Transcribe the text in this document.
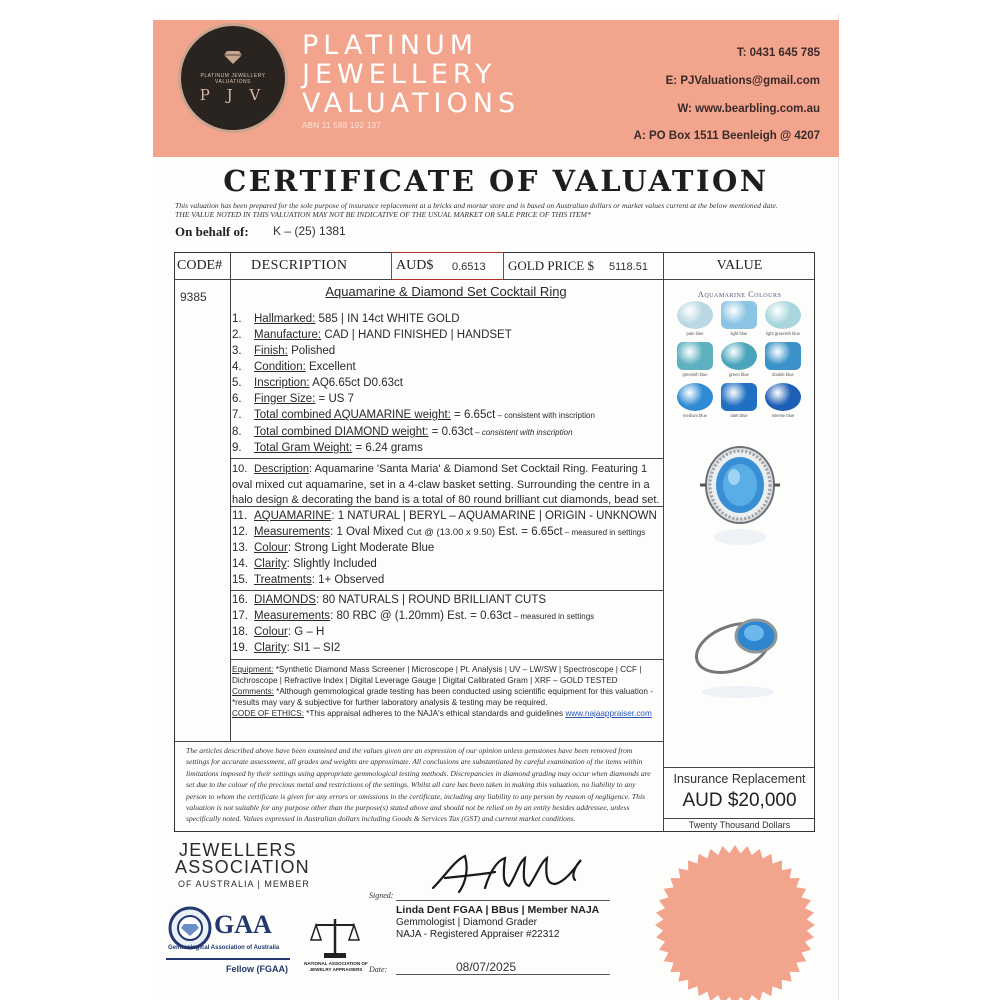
PLATINUM JEWELLERY VALUATIONS
P J V
PLATINUM
JEWELLERY
VALUATIONS
ABN 11 588 192 137
T: 0431 645 785
E: PJValuations@gmail.com
W: www.bearbling.com.au
A: PO Box 1511 Beenleigh @ 4207
CERTIFICATE OF VALUATION
This valuation has been prepared for the sole purpose of insurance replacement at a bricks and mortar store and is based on Australian dollars or market values current at the below mentioned date.
THE VALUE NOTED IN THIS VALUATION MAY NOT BE INDICATIVE OF THE USUAL MARKET OR SALE PRICE OF THIS ITEM*
On behalf of: K – (25) 1381
CODE# DESCRIPTION	AUD$ 0.6513 GOLD PRICE $ 5118.51	VALUE
9385	Aquamarine & Diamond Set Cocktail Ring
1. Hallmarked: 585 | IN 14ct WHITE GOLD
2. Manufacture: CAD | HAND FINISHED | HANDSET
3. Finish: Polished
4. Condition: Excellent
5. Inscription: AQ6.65ct D0.63ct
6. Finger Size: = US 7
7. Total combined AQUAMARINE weight: = 6.65ct – consistent with inscription
8. Total combined DIAMOND weight: = 0.63ct – consistent with inscription
9. Total Gram Weight: = 6.24 grams
10. Description: Aquamarine 'Santa Maria' & Diamond Set Cocktail Ring. Featuring 1 oval mixed cut aquamarine, set in a 4-claw basket setting. Surrounding the centre in a halo design & decorating the band is a total of 80 round brilliant cut diamonds, bead set.
11. AQUAMARINE: 1 NATURAL | BERYL – AQUAMARINE | ORIGIN - UNKNOWN
12. Measurements: 1 Oval Mixed Cut @ (13.00 x 9.50) Est. = 6.65ct – measured in settings
13. Colour: Strong Light Moderate Blue
14. Clarity: Slightly Included
15. Treatments: 1+ Observed
16. DIAMONDS: 80 NATURALS | ROUND BRILLIANT CUTS
17. Measurements: 80 RBC @ (1.20mm) Est. = 0.63ct – measured in settings
18. Colour: G – H
19. Clarity: SI1 – SI2
Equipment: *Synthetic Diamond Mass Screener | Microscope | Pt. Analysis | UV – LW/SW | Spectroscope | CCF | Dichroscope | Refractive Index | Digital Leverage Gauge | Digital Calibrated Gram | XRF – GOLD TESTED
Comments: *Although gemmological grade testing has been conducted using scientific equipment for this valuation - *results may vary & subjective for further laboratory analysis & testing may be required.
CODE OF ETHICS: *This appraisal adheres to the NAJA's ethical standards and guidelines www.najaappraiser.com
The articles described above have been examined and the values given are an expression of our opinion unless gemstones have been removed from settings for accurate assessment, all grades and weights are approximate. All conclusions are substantiated by careful examination of the items within limitations imposed by their settings using appropriate gemmological testing methods. Discrepancies in diamond grading may occur when diamonds are set due to the colour of the precious metal and restrictions of the settings. Whilst all care has been taken in making this valuation, no liability to any person to whom the certificate is given for any errors or omissions in the certificate, including any liability to any person by reason of negligence. This valuation is not suitable for any purpose other than the purpose(s) stated above and should not be relied on by an entity besides addressee, unless specifically noted. Values expressed in Australian dollars including Goods & Services Tax (GST) and current market conditions.
Aquamarine Colours
pale blue	light blue	light greenish blue
greenish blue	green blue	double blue
medium blue	dark blue	intense blue
Insurance Replacement
AUD $20,000
Twenty Thousand Dollars
JEWELLERS
ASSOCIATION
OF AUSTRALIA | MEMBER
GAA
Gemmological Association of Australia
Fellow (FGAA)
NATIONAL ASSOCIATION OF JEWELRY APPRAISERS
Signed:
Linda Dent FGAA | BBus | Member NAJA
Gemmologist | Diamond Grader
NAJA - Registered Appraiser #22312
Date:	08/07/2025
